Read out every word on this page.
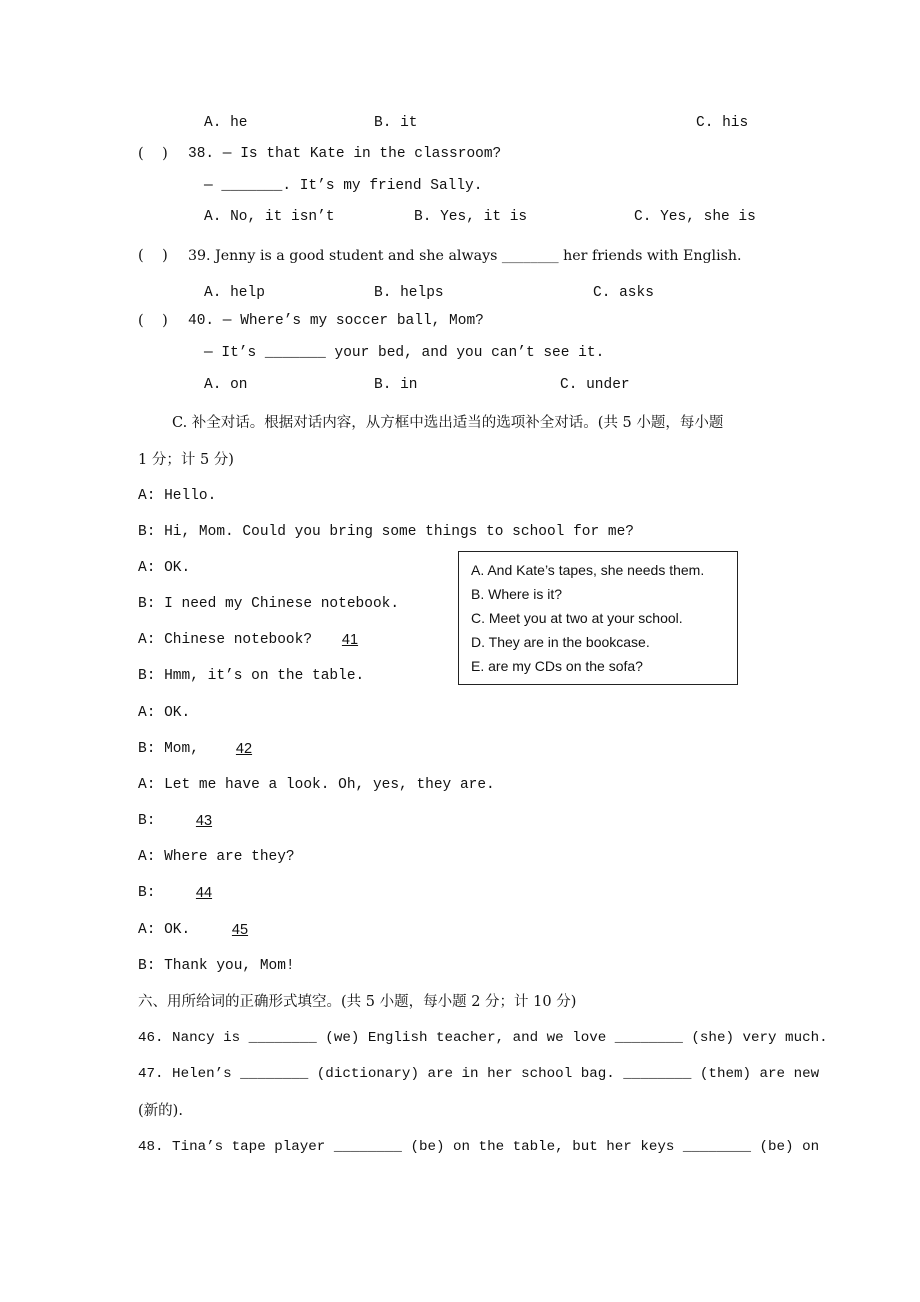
A. he	B. it	C. his
(    ) 38. — Is that Kate in the classroom?
— _______. It’s my friend Sally.
A. No, it isn’t	B. Yes, it is	C. Yes, she is
(    ) 39. Jenny is a good student and she always ________ her friends with English.
A. help	B. helps	C. asks
(    ) 40. — Where’s my soccer ball, Mom?
— It’s _______ your bed, and you can’t see it.
A. on	B. in	C. under
C. 补全对话。根据对话内容，从方框中选出适当的选项补全对话。(共 5 小题，每小题
1 分；计 5 分)
A: Hello.
B: Hi, Mom. Could you bring some things to school for me?
A: OK.
B: I need my Chinese notebook.
A: Chinese notebook?	41
B: Hmm, it’s on the table.
A: OK.
B: Mom,	42
A: Let me have a look. Oh, yes, they are.
B:	43
A: Where are they?
B:	44
A: OK.	45
B: Thank you, Mom!
A. And Kate’s tapes, she needs them.
B. Where is it?
C. Meet you at two at your school.
D. They are in the bookcase.
E. are my CDs on the sofa?
六、用所给词的正确形式填空。(共 5 小题，每小题 2 分；计 10 分)
46. Nancy is ________ (we) English teacher, and we love ________ (she) very much.
47. Helen’s ________ (dictionary) are in her school bag. ________ (them) are new
(新的).
48. Tina’s tape player ________ (be) on the table, but her keys ________ (be) on
